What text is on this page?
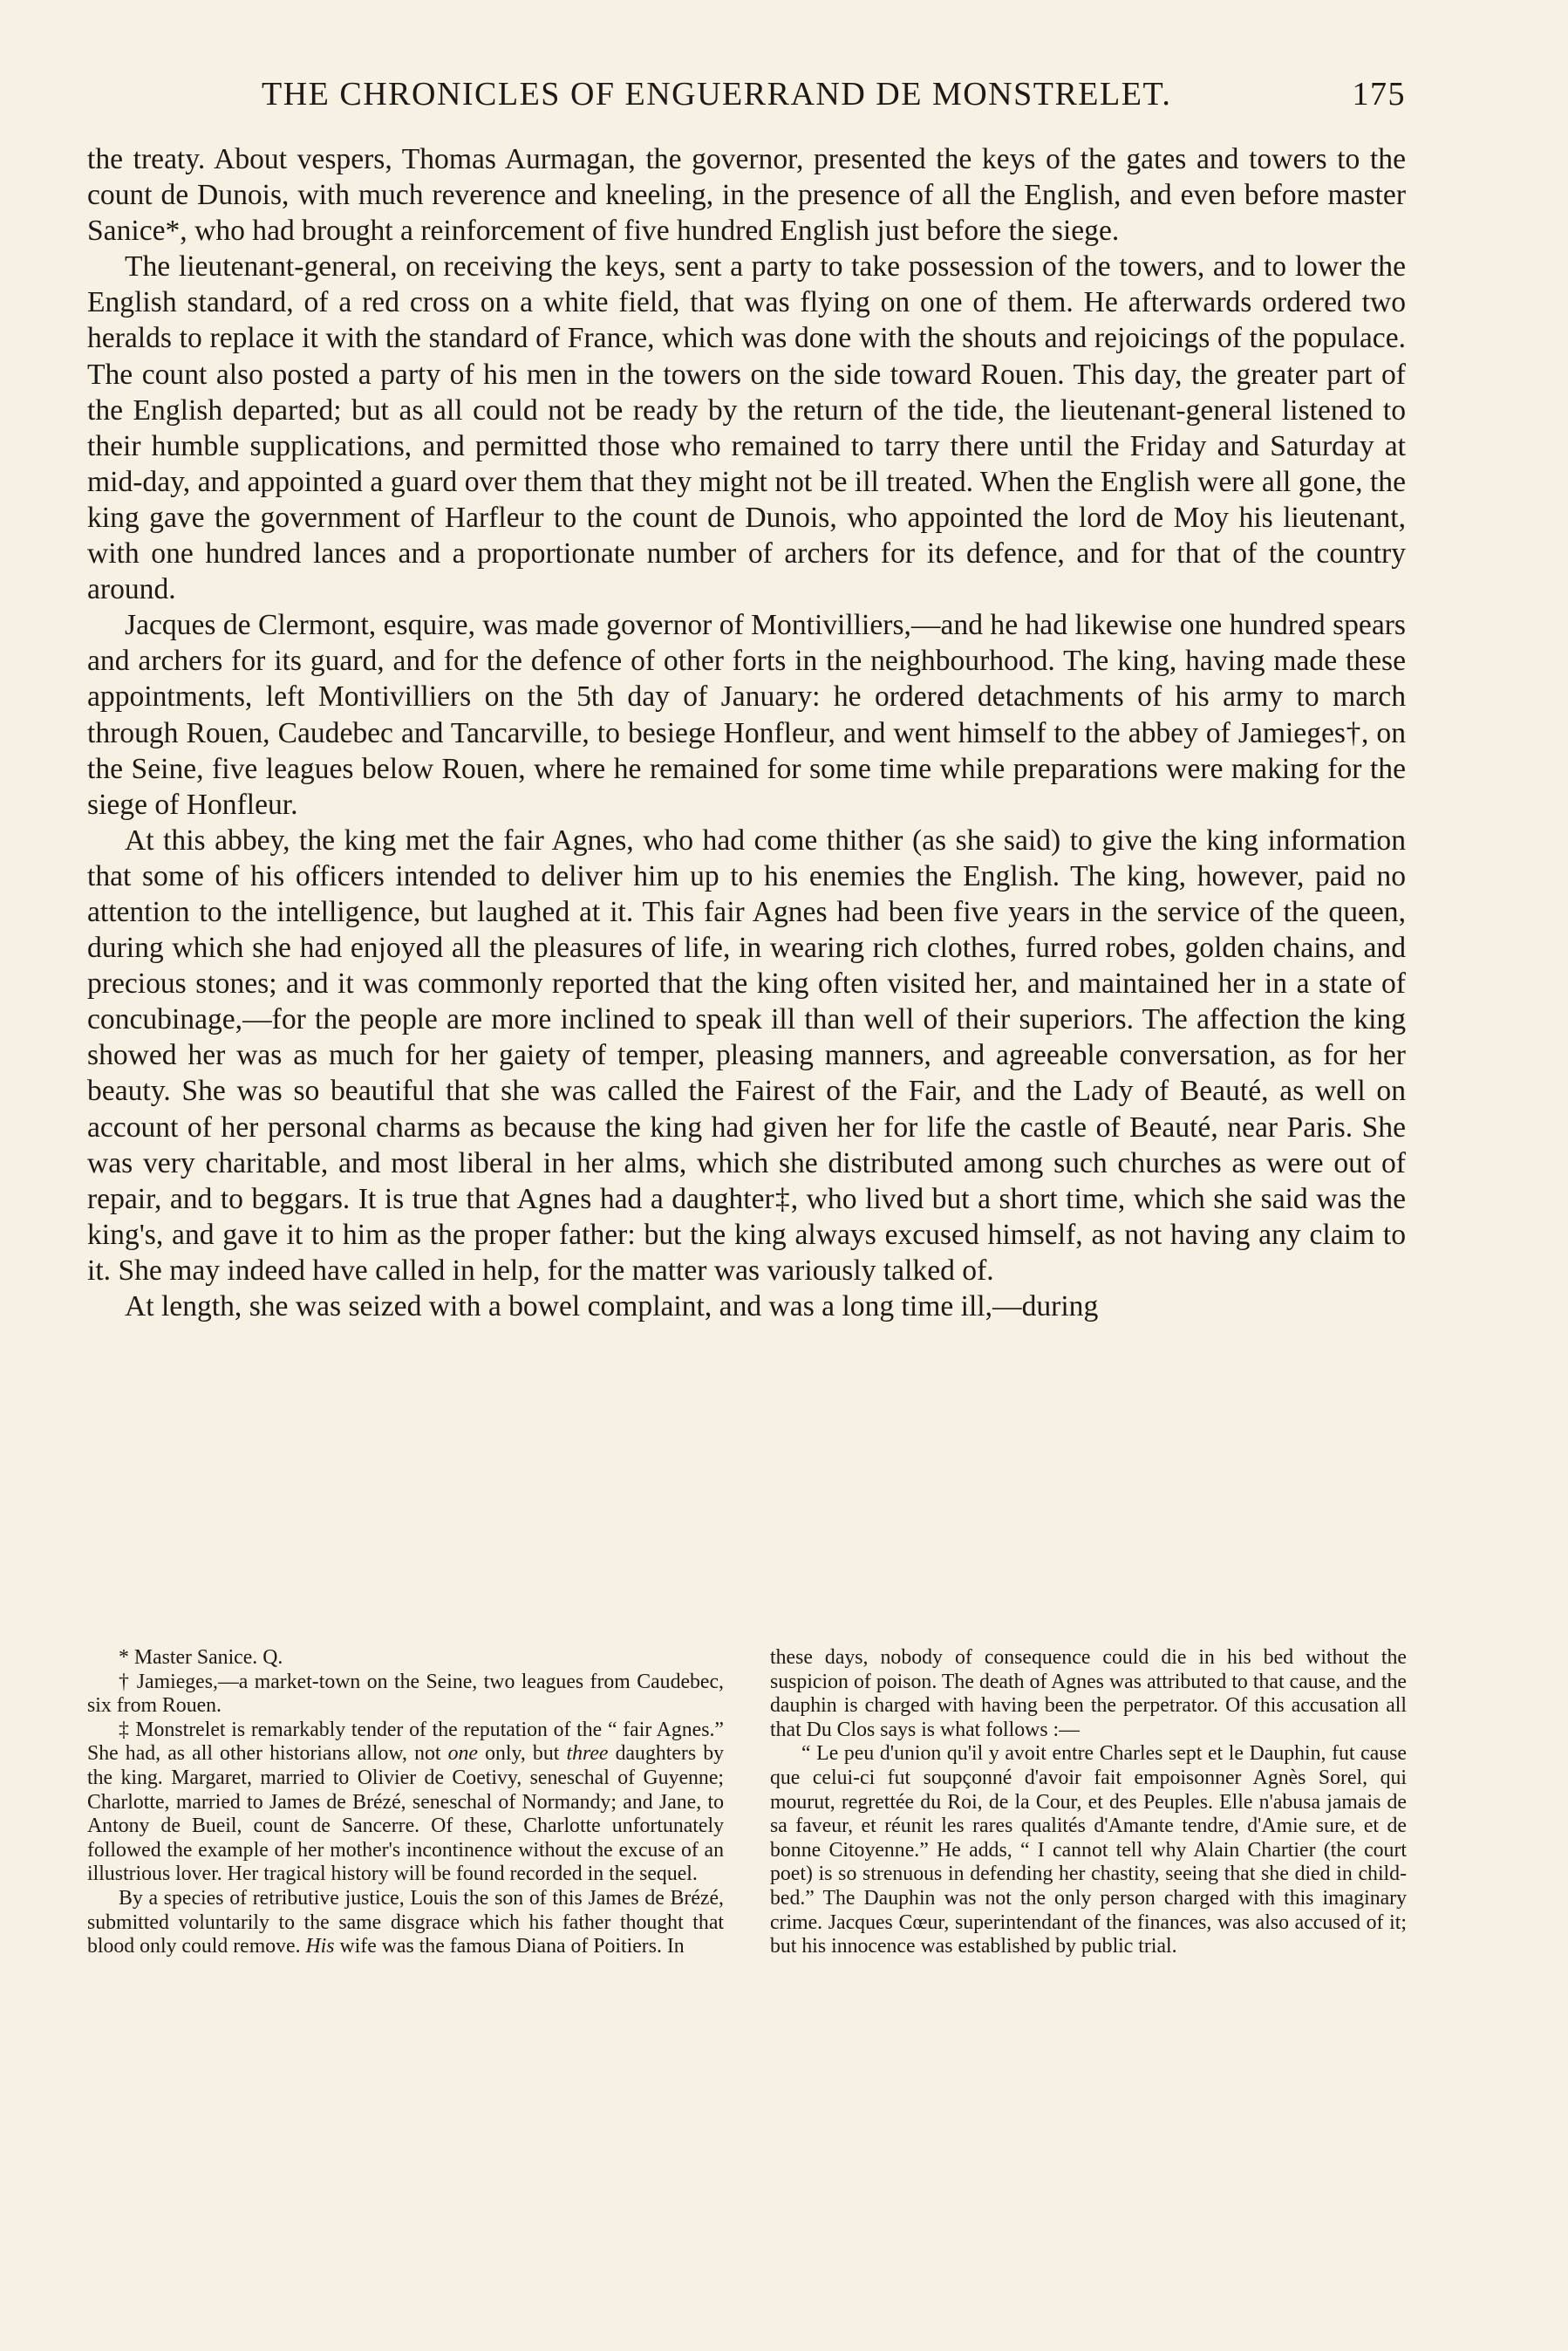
THE CHRONICLES OF ENGUERRAND DE MONSTRELET.	175

the treaty. About vespers, Thomas Aurmagan, the governor, presented the keys of the gates and towers to the count de Dunois, with much reverence and kneeling, in the presence of all the English, and even before master Sanice*, who had brought a reinforcement of five hundred English just before the siege.

The lieutenant-general, on receiving the keys, sent a party to take possession of the towers, and to lower the English standard, of a red cross on a white field, that was flying on one of them. He afterwards ordered two heralds to replace it with the standard of France, which was done with the shouts and rejoicings of the populace. The count also posted a party of his men in the towers on the side toward Rouen. This day, the greater part of the English departed; but as all could not be ready by the return of the tide, the lieutenant-general listened to their humble supplications, and permitted those who remained to tarry there until the Friday and Saturday at mid-day, and appointed a guard over them that they might not be ill treated. When the English were all gone, the king gave the government of Harfleur to the count de Dunois, who appointed the lord de Moy his lieutenant, with one hundred lances and a proportionate number of archers for its defence, and for that of the country around.

Jacques de Clermont, esquire, was made governor of Montivilliers,—and he had likewise one hundred spears and archers for its guard, and for the defence of other forts in the neighbourhood. The king, having made these appointments, left Montivilliers on the 5th day of January: he ordered detachments of his army to march through Rouen, Caudebec and Tancarville, to besiege Honfleur, and went himself to the abbey of Jamieges†, on the Seine, five leagues below Rouen, where he remained for some time while preparations were making for the siege of Honfleur.

At this abbey, the king met the fair Agnes, who had come thither (as she said) to give the king information that some of his officers intended to deliver him up to his enemies the English. The king, however, paid no attention to the intelligence, but laughed at it. This fair Agnes had been five years in the service of the queen, during which she had enjoyed all the pleasures of life, in wearing rich clothes, furred robes, golden chains, and precious stones; and it was commonly reported that the king often visited her, and maintained her in a state of concubinage,—for the people are more inclined to speak ill than well of their superiors. The affection the king showed her was as much for her gaiety of temper, pleasing manners, and agreeable conversation, as for her beauty. She was so beautiful that she was called the Fairest of the Fair, and the Lady of Beauté, as well on account of her personal charms as because the king had given her for life the castle of Beauté, near Paris. She was very charitable, and most liberal in her alms, which she distributed among such churches as were out of repair, and to beggars. It is true that Agnes had a daughter‡, who lived but a short time, which she said was the king's, and gave it to him as the proper father: but the king always excused himself, as not having any claim to it. She may indeed have called in help, for the matter was variously talked of.

At length, she was seized with a bowel complaint, and was a long time ill,—during

* Master Sanice. Q.

† Jamieges,—a market-town on the Seine, two leagues from Caudebec, six from Rouen.

‡ Monstrelet is remarkably tender of the reputation of the “ fair Agnes.” She had, as all other historians allow, not one only, but three daughters by the king. Margaret, married to Olivier de Coetivy, seneschal of Guyenne; Charlotte, married to James de Brézé, seneschal of Normandy; and Jane, to Antony de Bueil, count de Sancerre. Of these, Charlotte unfortunately followed the example of her mother's incontinence without the excuse of an illustrious lover. Her tragical history will be found recorded in the sequel.

By a species of retributive justice, Louis the son of this James de Brézé, submitted voluntarily to the same disgrace which his father thought that blood only could remove. His wife was the famous Diana of Poitiers. In

these days, nobody of consequence could die in his bed without the suspicion of poison. The death of Agnes was attributed to that cause, and the dauphin is charged with having been the perpetrator. Of this accusation all that Du Clos says is what follows :—

“ Le peu d'union qu'il y avoit entre Charles sept et le Dauphin, fut cause que celui-ci fut soupçonné d'avoir fait empoisonner Agnès Sorel, qui mourut, regrettée du Roi, de la Cour, et des Peuples. Elle n'abusa jamais de sa faveur, et réunit les rares qualités d'Amante tendre, d'Amie sure, et de bonne Citoyenne.” He adds, “ I cannot tell why Alain Chartier (the court poet) is so strenuous in defending her chastity, seeing that she died in child-bed.” The Dauphin was not the only person charged with this imaginary crime. Jacques Cœur, superintendant of the finances, was also accused of it; but his innocence was established by public trial.
